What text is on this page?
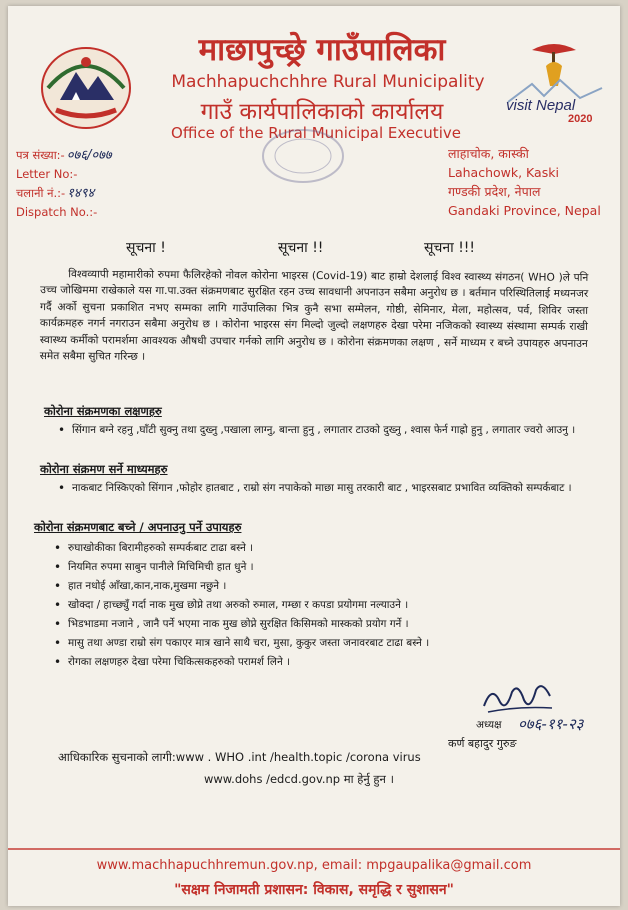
visit Nepal
2020
माछापुच्छ्रे गाउँपालिका
Machhapuchchhre Rural Municipality
गाउँ कार्यपालिकाको कार्यालय
Office of the Rural Municipal Executive
पत्र संख्या:- ०७६/०७७
Letter No:-
चलानी नं.:- १४९४
Dispatch No.:-
लाहाचोक, कास्की
Lahachowk, Kaski
गण्डकी प्रदेश, नेपाल
Gandaki Province, Nepal
सूचना !	सूचना !!	सूचना !!!
विश्वव्यापी महामारीको रुपमा फैलिरहेको नोवल कोरोना भाइरस (Covid-19) बाट हाम्रो देशलाई विश्व स्वास्थ्य संगठन( WHO )ले पनि उच्च जोखिममा राखेकाले यस गा.पा.उक्त संक्रमणबाट सुरक्षित रहन उच्च सावधानी अपनाउन सबैमा अनुरोध छ । बर्तमान परिस्थितिलाई मध्यनजर गर्दै अर्को सुचना प्रकाशित नभए सम्मका लागि गाउँपालिका भित्र कुनै सभा सम्मेलन, गोष्ठी, सेमिनार, मेला, महोत्सव, पर्व, शिविर जस्ता कार्यक्रमहरु नगर्न नगराउन सबैमा अनुरोध छ । कोरोना भाइरस संग मिल्दो जुल्दो लक्षणहरु देखा परेमा नजिकको स्वास्थ्य संस्थामा सम्पर्क राखी स्वास्थ्य कर्मीको परामर्शमा आवश्यक औषधी उपचार गर्नको लागि अनुरोध छ । कोरोना संक्रमणका लक्षण , सर्ने माध्यम र बच्ने उपायहरु अपनाउन समेत सबैमा सुचित गरिन्छ ।
कोरोना संक्रमणका लक्षणहरु
• सिंगान बग्ने रहनु ,घाँटी सुक्नु तथा दुख्नु ,पखाला लाग्नु, बान्ता हुनु , लगातार टाउको दुख्नु , श्वास फेर्न गाह्रो हुनु , लगातार ज्वरो आउनु ।
कोरोना संक्रमण सर्ने माध्यमहरु
• नाकबाट निस्किएको सिंगान ,फोहोर हातबाट , राम्रो संग नपाकेको माछा मासु तरकारी बाट , भाइरसबाट प्रभावित व्यक्तिको सम्पर्कबाट ।
कोरोना संक्रमणबाट बच्ने / अपनाउनु पर्ने उपायहरु
• रुघाखोकीका बिरामीहरुको सम्पर्कबाट टाढा बस्ने ।
• नियमित रुपमा साबुन पानीले मिचिमिची हात धुने ।
• हात नधोई आँखा,कान,नाक,मुखमा नछुने ।
• खोक्दा / हाच्छ्युँ गर्दा नाक मुख छोप्ने तथा अरुको रुमाल, गम्छा र कपडा प्रयोगमा नल्याउने ।
• भिडभाडमा नजाने , जानै पर्ने भएमा नाक मुख छोप्ने सुरक्षित किसिमको मास्कको प्रयोग गर्ने ।
• मासु तथा अण्डा राम्रो संग पकाएर मात्र खाने साथै चरा, मुसा, कुकुर जस्ता जनावरबाट टाढा बस्ने ।
• रोगका लक्षणहरु देखा परेमा चिकित्सकहरुको परामर्श लिने ।
अध्यक्ष ०७६-११-२३
कर्ण बहादुर गुरुङ
आधिकारिक सुचनाको लागी:www . WHO .int /health.topic /corona virus
www.dohs /edcd.gov.np मा हेर्नु हुन ।
www.machhapuchhremun.gov.np, email: mpgaupalika@gmail.com
"सक्षम निजामती प्रशासन: विकास, समृद्धि र सुशासन"
